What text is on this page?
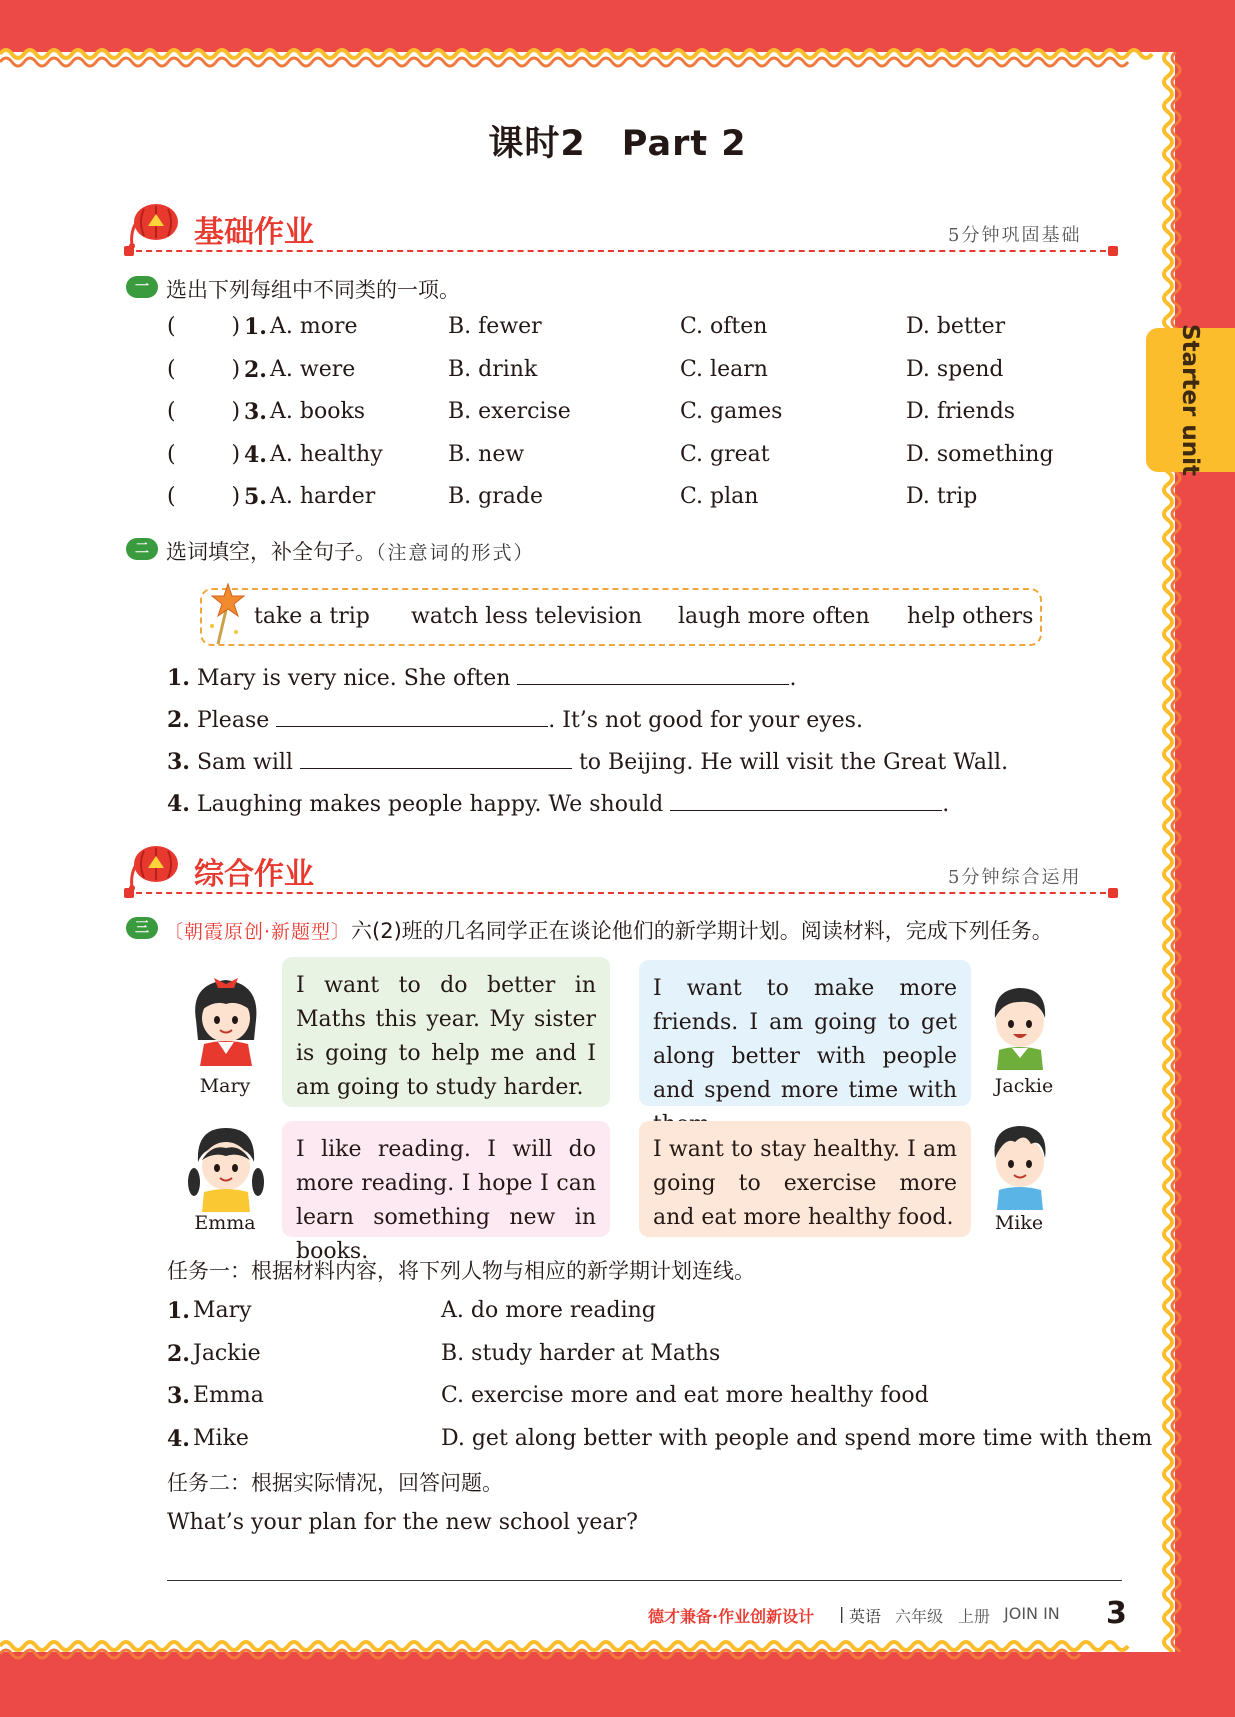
Starter unit
课时2　Part 2
基础作业	5分钟巩固基础
一 选出下列每组中不同类的一项。
(        ) 1. A. more	B. fewer	C. often	D. better
(        ) 2. A. were	B. drink	C. learn	D. spend
(        ) 3. A. books	B. exercise	C. games	D. friends
(        ) 4. A. healthy	B. new	C. great	D. something
(        ) 5. A. harder	B. grade	C. plan	D. trip
二 选词填空，补全句子。（注意词的形式）
take a trip watch less television laugh more often help others
1. Mary is very nice. She often	.
2. Please	. It’s not good for your eyes.
3. Sam will	to Beijing. He will visit the Great Wall.
4. Laughing makes people happy. We should	.
综合作业	5分钟综合运用
三 〔朝霞原创·新题型〕六(2)班的几名同学正在谈论他们的新学期计划。阅读材料，完成下列任务。
Mary
I want to do better in Maths this year. My sister is going to help me and I am going to study harder.
I want to make more friends. I am going to get along better with people and spend more time with	Jackie
Emma
I like reading. I will do more reading. I hope I can learn something new in books.
I want to stay healthy. I am going to exercise more and eat more healthy food.	Mike
任务一：根据材料内容，将下列人物与相应的新学期计划连线。
1. Mary	A. do more reading
2. Jackie	B. study harder at Maths
3. Emma	C. exercise more and eat more healthy food
4. Mike	D. get along better with people and spend more time with them
任务二：根据实际情况，回答问题。
What’s your plan for the new school year?
德才兼备·作业创新设计 | 英语 六年级 上册 JOIN IN 3
